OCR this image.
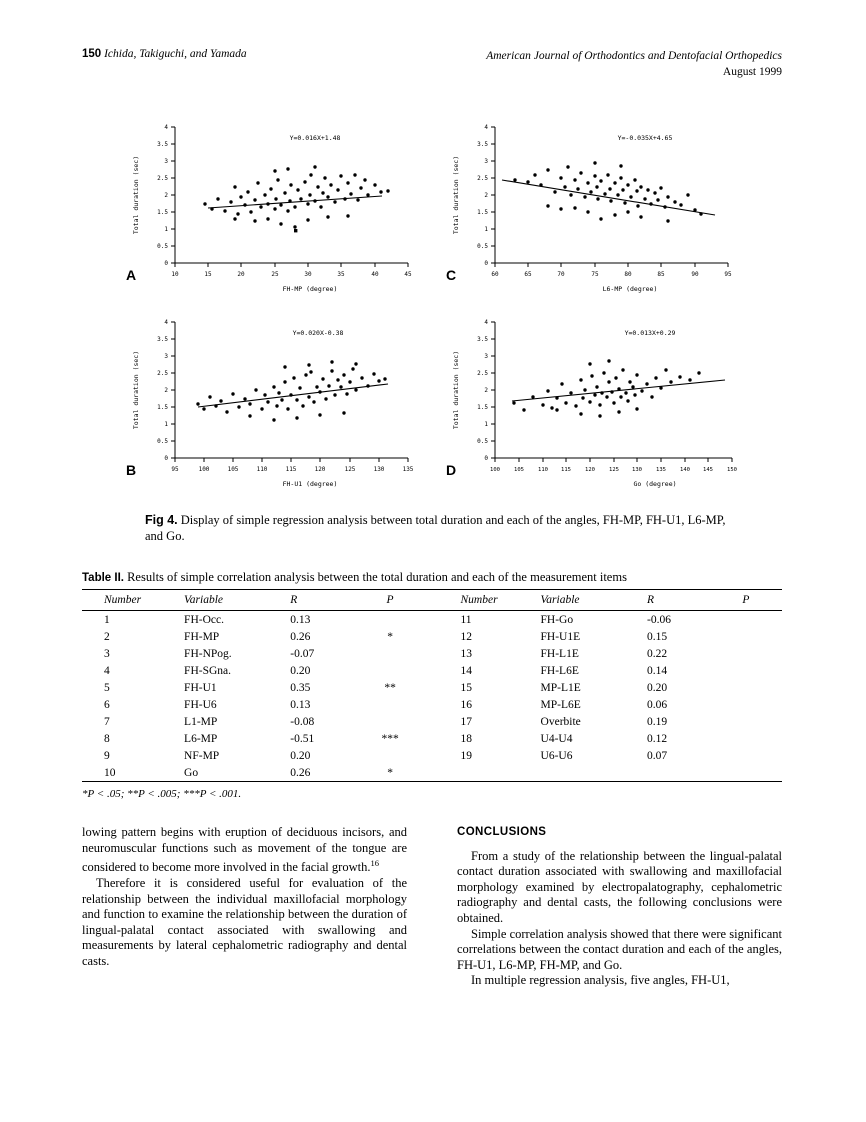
150 Ichida, Takiguchi, and Yamada	American Journal of Orthodontics and Dentofacial Orthopedics
August 1999
0
0.5
1
1.5
2
2.5
3
3.5
4
10	15	20	25	30	35	40	45
Total duration (sec)
FH-MP (degree)
Y=0.016X+1.48
A
0
0.5
1
1.5
2
2.5
3
3.5
4
60	65	70	75	80	85	90	95
Total duration (sec)
L6-MP (degree)
Y=-0.035X+4.65
C
0
0.5
1
1.5
2
2.5
3
3.5
4
95	100	105	110	115	120	125	130	135
Total duration (sec)
FH-U1 (degree)
Y=0.020X-0.38
B
0
0.5
1
1.5
2
2.5
3
3.5
4
100	105	110 115	120	125 130	135	140 145	150
Total duration (sec)
Go (degree)
Y=0.013X+0.29
D
Fig 4. Display of simple regression analysis between total duration and each of the angles, FH-MP, FH-U1, L6-MP, and Go.
Table II. Results of simple correlation analysis between the total duration and each of the measurement items
Number	Variable	R	P		Number	Variable	R	P
1	FH-Occ.	0.13			11	FH-Go	-0.06	
2	FH-MP	0.26	*		12	FH-U1E	0.15	
3	FH-NPog.	-0.07			13	FH-L1E	0.22	
4	FH-SGna.	0.20			14	FH-L6E	0.14	
5	FH-U1	0.35	**		15	MP-L1E	0.20	
6	FH-U6	0.13			16	MP-L6E	0.06	
7	L1-MP	-0.08			17	Overbite	0.19	
8	L6-MP	-0.51	***		18	U4-U4	0.12	
9	NF-MP	0.20			19	U6-U6	0.07	
10	Go	0.26	*					
*P < .05; **P < .005; ***P < .001.

lowing pattern begins with eruption of deciduous incisors, and neuromuscular functions such as movement of the tongue are considered to become more involved in the facial growth.$^{16}$

Therefore it is considered useful for evaluation of the relationship between the individual maxillofacial morphology and function to examine the relationship between the duration of lingual-palatal contact associated with swallowing and measurements by lateral cephalometric radiography and dental casts.

CONCLUSIONS

From a study of the relationship between the lingual-palatal contact duration associated with swallowing and maxillofacial morphology examined by electropalatography, cephalometric radiography and dental casts, the following conclusions were obtained.

Simple correlation analysis showed that there were significant correlations between the contact duration and each of the angles, FH-U1, L6-MP, FH-MP, and Go.

In multiple regression analysis, five angles, FH-U1,
